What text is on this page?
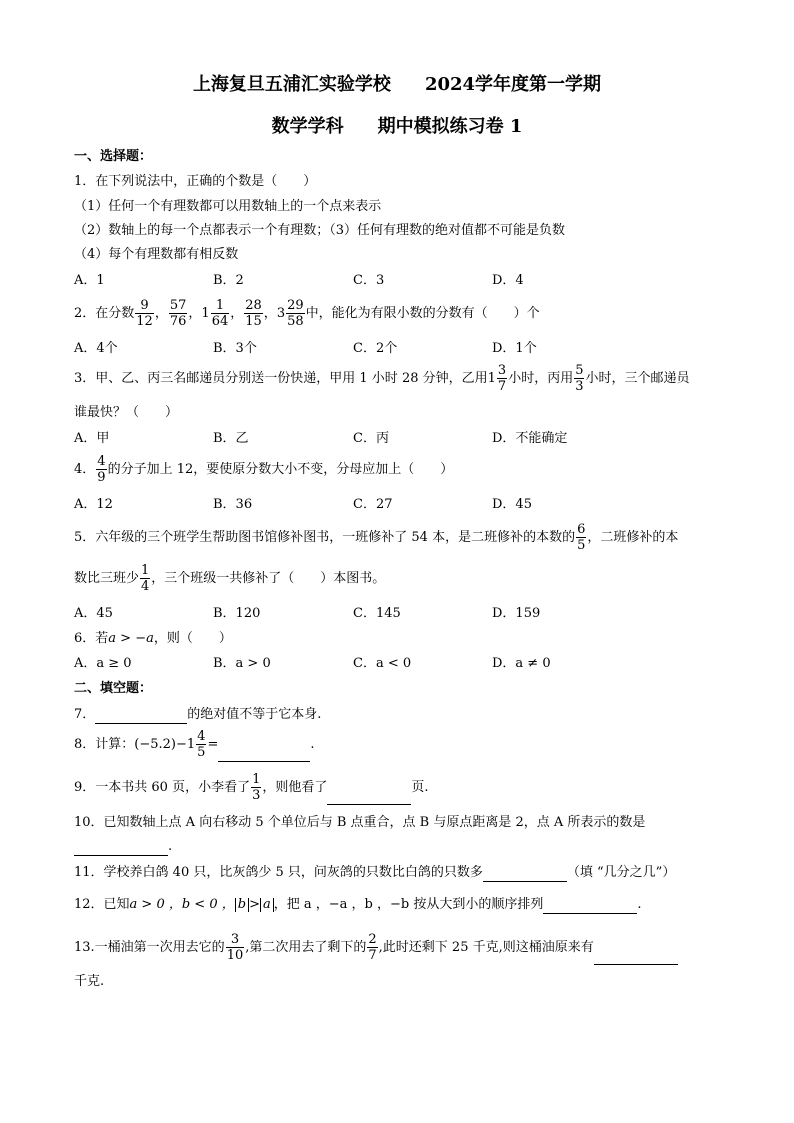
上海复旦五浦汇实验学校 2024学年度第一学期
数学学科 期中模拟练习卷 1
一、选择题：
1．在下列说法中，正确的个数是（　　）
（1）任何一个有理数都可以用数轴上的一个点来表示
（2）数轴上的每一个点都表示一个有理数；（3）任何有理数的绝对值都不可能是负数
（4）每个有理数都有相反数
A．1	B．2	C．3	D．4
2．在分数 $\frac{9}{12}$ ， $\frac{57}{76}$ ，$1 \frac{1}{64}$ ， $\frac{28}{15}$ ，$3 \frac{29}{58}$ 中，能化为有限小数的分数有（　　）个
A．4个	B．3个	C．2个	D．1个
3．甲、乙、丙三名邮递员分别送一份快递，甲用 1 小时 28 分钟，乙用$1 \frac{3}{7}$ 小时，丙用 $\frac{5}{3}$ 小时，三个邮递员
谁最快？（　　）
A．甲	B．乙	C．丙	D．不能确定
4． $\frac{4}{9}$ 的分子加上 12，要使原分数大小不变，分母应加上（　　）
A．12	B．36	C．27	D．45
5．六年级的三个班学生帮助图书馆修补图书，一班修补了 54 本，是二班修补的本数的 $\frac{6}{5}$ ，二班修补的本
数比三班少 $\frac{1}{4}$ ，三个班级一共修补了（　　）本图书。
A．45	B．120	C．145	D．159
6．若a > −a，则（　　）
A．a ≥ 0	B．a > 0	C．a < 0	D．a ≠ 0
二、填空题：
7．	的绝对值不等于它本身.
8．计算：$(-5.2)-1 \frac{4}{5}$ =	.
9．一本书共 60 页，小李看了 $\frac{1}{3}$ ，则他看了	页.
10．已知数轴上点 A 向右移动 5 个单位后与 B 点重合，点 B 与原点距离是 2，点 A 所表示的数是
.
11．学校养白鸽 40 只，比灰鸽少 5 只，问灰鸽的只数比白鸽的只数多	（填 “几分之几”）
12．已知a > 0 ，b < 0 ， b > a ，把 a ，−a ，b ，−b 按从大到小的顺序排列	.
13.一桶油第一次用去它的 $\frac{3}{10}$ ,第二次用去了剩下的 $\frac{2}{7}$ ,此时还剩下 25 千克,则这桶油原来有
千克.
